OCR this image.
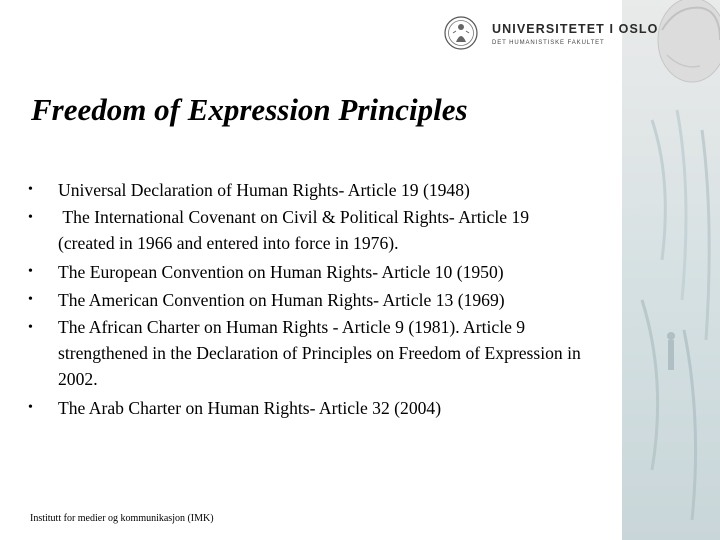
UNIVERSITETET I OSLO
DET HUMANISTISKE FAKULTET
Freedom of Expression Principles
• Universal Declaration of Human Rights- Article 19 (1948)
• The International Covenant on Civil & Political Rights- Article 19 (created in 1966 and entered into force in 1976).
• The European Convention on Human Rights- Article 10 (1950)
• The American Convention on Human Rights- Article 13 (1969)
• The African Charter on Human Rights - Article 9 (1981). Article 9 strengthened in the Declaration of Principles on Freedom of Expression in 2002.
• The Arab Charter on Human Rights- Article 32 (2004)
Institutt for medier og kommunikasjon (IMK)
